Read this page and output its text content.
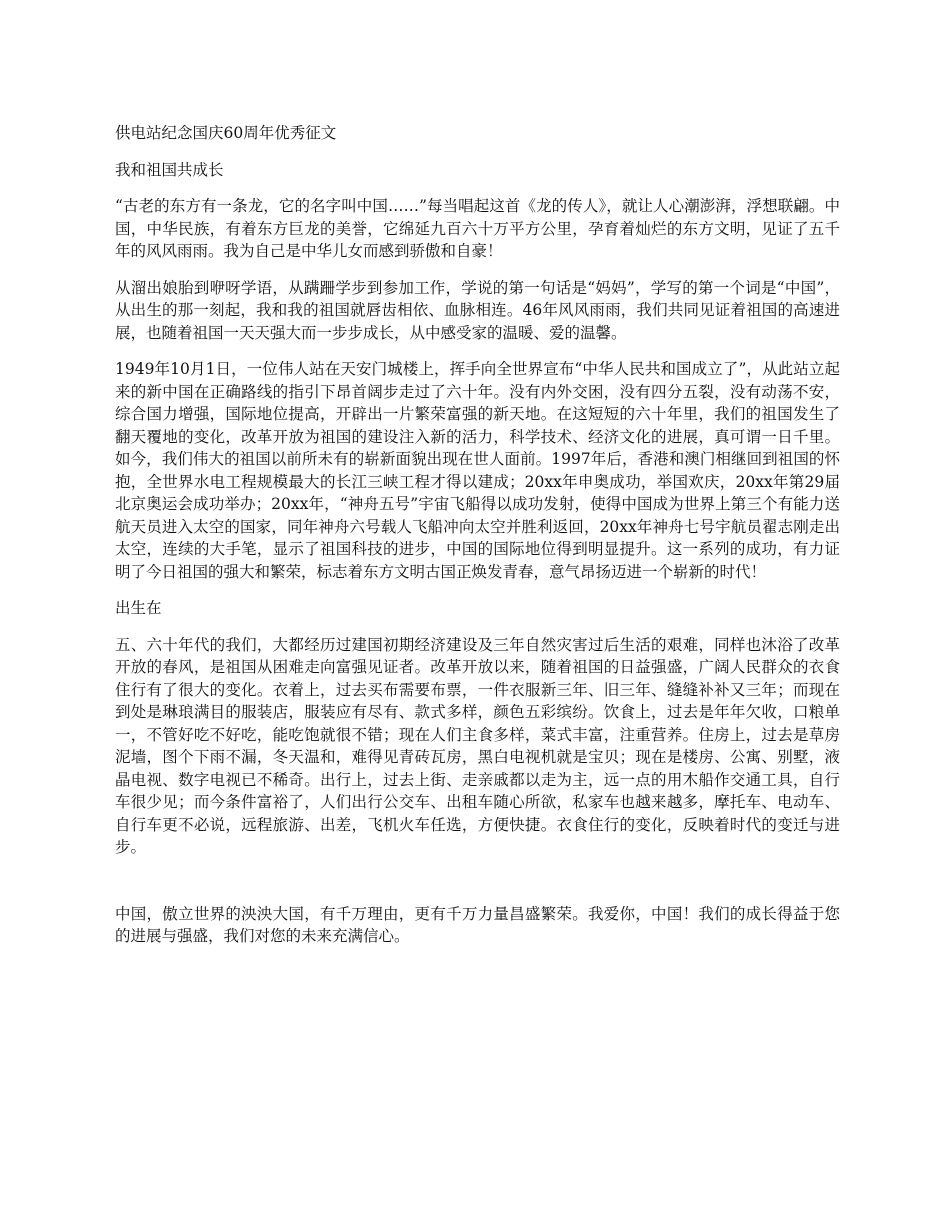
供电站纪念国庆60周年优秀征文

我和祖国共成长

“古老的东方有一条龙，它的名字叫中国……”每当唱起这首《龙的传人》，就让人心潮澎湃，浮想联翩。中国，中华民族，有着东方巨龙的美誉，它绵延九百六十万平方公里，孕育着灿烂的东方文明，见证了五千年的风风雨雨。我为自己是中华儿女而感到骄傲和自豪！

从溜出娘胎到咿呀学语，从蹒跚学步到参加工作，学说的第一句话是“妈妈”，学写的第一个词是“中国”，从出生的那一刻起，我和我的祖国就唇齿相依、血脉相连。46年风风雨雨，我们共同见证着祖国的高速进展，也随着祖国一天天强大而一步步成长，从中感受家的温暖、爱的温馨。

1949年10月1日，一位伟人站在天安门城楼上，挥手向全世界宣布“中华人民共和国成立了”，从此站立起来的新中国在正确路线的指引下昂首阔步走过了六十年。没有内外交困，没有四分五裂，没有动荡不安，综合国力增强，国际地位提高，开辟出一片繁荣富强的新天地。在这短短的六十年里，我们的祖国发生了翻天覆地的变化，改革开放为祖国的建设注入新的活力，科学技术、经济文化的进展，真可谓一日千里。如今，我们伟大的祖国以前所未有的崭新面貌出现在世人面前。1997年后，香港和澳门相继回到祖国的怀抱，全世界水电工程规模最大的长江三峡工程才得以建成；20xx年申奥成功，举国欢庆，20xx年第29届北京奥运会成功举办；20xx年，“神舟五号”宇宙飞船得以成功发射，使得中国成为世界上第三个有能力送航天员进入太空的国家，同年神舟六号载人飞船冲向太空并胜利返回，20xx年神舟七号宇航员翟志刚走出太空，连续的大手笔，显示了祖国科技的进步，中国的国际地位得到明显提升。这一系列的成功，有力证明了今日祖国的强大和繁荣，标志着东方文明古国正焕发青春，意气昂扬迈进一个崭新的时代！

出生在

五、六十年代的我们，大都经历过建国初期经济建设及三年自然灾害过后生活的艰难，同样也沐浴了改革开放的春风，是祖国从困难走向富强见证者。改革开放以来，随着祖国的日益强盛，广阔人民群众的衣食住行有了很大的变化。衣着上，过去买布需要布票，一件衣服新三年、旧三年、缝缝补补又三年；而现在到处是琳琅满目的服装店，服装应有尽有、款式多样，颜色五彩缤纷。饮食上，过去是年年欠收，口粮单一，不管好吃不好吃，能吃饱就很不错；现在人们主食多样，菜式丰富，注重营养。住房上，过去是草房泥墙，图个下雨不漏，冬天温和，难得见青砖瓦房，黑白电视机就是宝贝；现在是楼房、公寓、别墅，液晶电视、数字电视已不稀奇。出行上，过去上街、走亲戚都以走为主，远一点的用木船作交通工具，自行车很少见；而今条件富裕了，人们出行公交车、出租车随心所欲，私家车也越来越多，摩托车、电动车、自行车更不必说，远程旅游、出差，飞机火车任选，方便快捷。衣食住行的变化，反映着时代的变迁与进步。

中国，傲立世界的泱泱大国，有千万理由，更有千万力量昌盛繁荣。我爱你，中国！我们的成长得益于您的进展与强盛，我们对您的未来充满信心。
